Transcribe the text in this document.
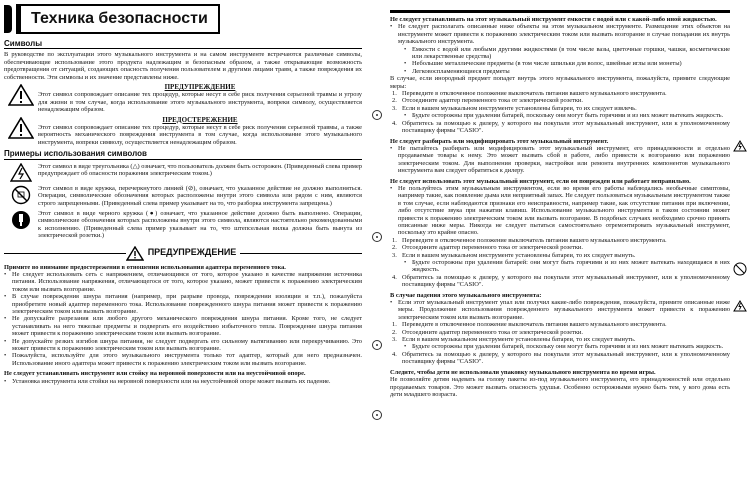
Техника безопасности
Символы

В руководстве по эксплуатации этого музыкального инструмента и на самом инструменте встречаются различные символы, обеспечивающие использование этого продукта надлежащим и безопасным образом, а также открывающие возможность предотвращения от ситуаций, создающих опасность получения пользователем и другими лицами травм, а также повреждения их собственности. Эти символы и их значение представлены ниже.

ПРЕДУПРЕЖДЕНИЕ

Этот символ сопровождает описание тех процедур, которые несут в себе риск получения серьезной травмы и угрозу для жизни в том случае, когда использование этого музыкального инструмента, вопреки символу, осуществляется ненадлежащим образом.

ПРЕДОСТЕРЕЖЕНИЕ

Этот символ сопровождает описание тех процедур, которые несут в себе риск получения серьезной травмы, а также вероятность механического повреждения инструмента в том случае, когда использование этого музыкального инструмента, вопреки символу, осуществляется ненадлежащим образом.

Примеры использования символов

Этот символ в виде треугольника (△) означает, что пользователь должен быть осторожен. (Приведенный слева пример предупреждает об опасности поражения электрическим током.)

Этот символ в виде кружка, перечеркнутого линией (⊘), означает, что указанное действие не должно выполняться. Операции, символические обозначения которых расположены внутри этого символа или рядом с ним, являются строго запрещенными. (Приведенный слева пример указывает на то, что разборка инструмента запрещена.)

Этот символ в виде черного кружка (●) означает, что указанное действие должно быть выполнено. Операции, символические обозначения которых расположены внутри этого символа, являются настоятельно рекомендованными к исполнению. (Приведенный слева пример указывает на то, что штепсельная вилка должна быть вынута из электрической розетки.)

ПРЕДУПРЕЖДЕНИЕ

Примите во внимание предостережения в отношении использования адаптера переменного тока.

• Не следует использовать сеть с напряжением, отличающимся от того, которое указано в качестве напряжения источника питания. Использование напряжения, отличающегося от того, которое указано, может привести к поражению электрическим током или вызвать возгорание.
• В случае повреждения шнура питания (например, при разрыве провода, повреждении изоляции и т.п.), пожалуйста приобретите новый адаптер переменного тока. Использование поврежденного шнура питания может привести к поражению электрическим током или вызвать возгорание.
• Не допускайте разрезания или любого другого механического повреждения шнура питания. Кроме того, не следует устанавливать на него тяжелые предметы и подвергать его воздействию избыточного тепла. Повреждение шнура питания может привести к поражению электрическим током или вызвать возгорание.
• Не допускайте резких изгибов шнура питания, не следует подвергать его сильному вытягиванию или перекручиванию. Это может привести к поражению электрическим током или вызвать возгорание.
• Пожалуйста, используйте для этого музыкального инструмента только тот адаптер, который для него предназначен. Использование иного адаптера может привести к поражению электрическим током или вызвать возгорание.

Не следует устанавливать инструмент или стойку на неровной поверхности или на неустойчивой опоре.

• Установка инструмента или стойки на неровной поверхности или на неустойчивой опоре может вызвать их падение.

Не следует устанавливать на этот музыкальный инструмент емкости с водой или с какой-либо иной жидкостью.

• Не следует располагать описанные ниже объекты на этом музыкальном инструменте. Размещение этих объектов на инструменте может привести к поражению электрическим током или вызвать возгорание в случае попадания их внутрь музыкального инструмента.
• Емкости с водой или любыми другими жидкостями (в том числе вазы, цветочные горшки, чашки, косметические или лекарственные средства)
• Небольшие металлические предметы (в том числе шпильки для волос, швейные иглы или монеты)
• Легковоспламеняющиеся предметы

В случае, если инородный предмет попадет внутрь этого музыкального инструмента, пожалуйста, примите следующие меры:

1. Переведите в отключенное положение выключатель питания вашего музыкального инструмента.
2. Отсоедините адаптер переменного тока от электрической розетки.
3. Если в вашем музыкальном инструменте установлены батареи, то их следует извлечь.
• Будьте осторожны при удалении батарей, поскольку они могут быть горячими и из них может вытекать жидкость.
4. Обратитесь за помощью к дилеру, у которого вы покупали этот музыкальный инструмент, или к уполномоченному поставщику фирмы "CASIO".

Не следует разбирать или модифицировать этот музыкальный инструмент.

• Не пытайтесь разбирать или модифицировать этот музыкальный инструмент, его принадлежности и отдельно продаваемые товары к нему. Это может вызвать сбой в работе, либо привести к возгоранию или поражению электрическим током. Для выполнения проверки, настройки или ремонта внутренних компонентов музыкального инструмента вам следует обратиться к дилеру.

Не следует использовать этот музыкальный инструмент, если он поврежден или работает неправильно.

• Не пользуйтесь этим музыкальным инструментом, если во время его работы наблюдались необычные симптомы, например такие, как появление дыма или неприятный запах. Не следует пользоваться музыкальным инструментом также в том случае, если наблюдаются признаки его неисправности, например такие, как отсутствие питания при включении, либо отсутствие звука при нажатии клавиш. Использование музыкального инструмента в таком состоянии может привести к поражению электрическим током или вызвать возгорание. В подобных случаях необходимо срочно принять описанные ниже меры. Никогда не следует пытаться самостоятельно отремонтировать музыкальный инструмент, поскольку это крайне опасно.
1. Переведите в отключенное положение выключатель питания вашего музыкального инструмента.
2. Отсоедините адаптер переменного тока от электрической розетки.
3. Если в вашем музыкальном инструменте установлены батареи, то их следует вынуть.
• Будьте осторожны при удалении батарей: они могут быть горячими и из них может вытекать находящаяся в них жидкость.
4. Обратитесь за помощью к дилеру, у которого вы покупали этот музыкальный инструмент, или к уполномоченному поставщику фирмы "CASIO".

В случае падения этого музыкального инструмента:

• Если этот музыкальный инструмент упал или получил какие-либо повреждения, пожалуйста, примите описанные ниже меры. Продолжение использования поврежденного музыкального инструмента может привести к поражению электрическим током или вызвать возгорание.
1. Переведите в отключенное положение выключатель питания вашего музыкального инструмента.
2. Отсоедините адаптер переменного тока от электрической розетки.
3. Если в вашем музыкальном инструменте установлены батареи, то их следует вынуть.
• Будьте осторожны при удалении батарей, поскольку они могут быть горячими и из них может вытекать жидкость.
4. Обратитесь за помощью к дилеру, у которого вы покупали этот музыкальный инструмент, или к уполномоченному поставщику фирмы "CASIO".

Следите, чтобы дети не использовали упаковку музыкального инструмента во время игры.

Не позволяйте детям надевать на голову пакеты из-под музыкального инструмента, его принадлежностей или отдельно продаваемых товаров. Это может вызвать опасность удушья. Особенно осторожными нужно быть тем, у кого дома есть дети младшего возраста.
